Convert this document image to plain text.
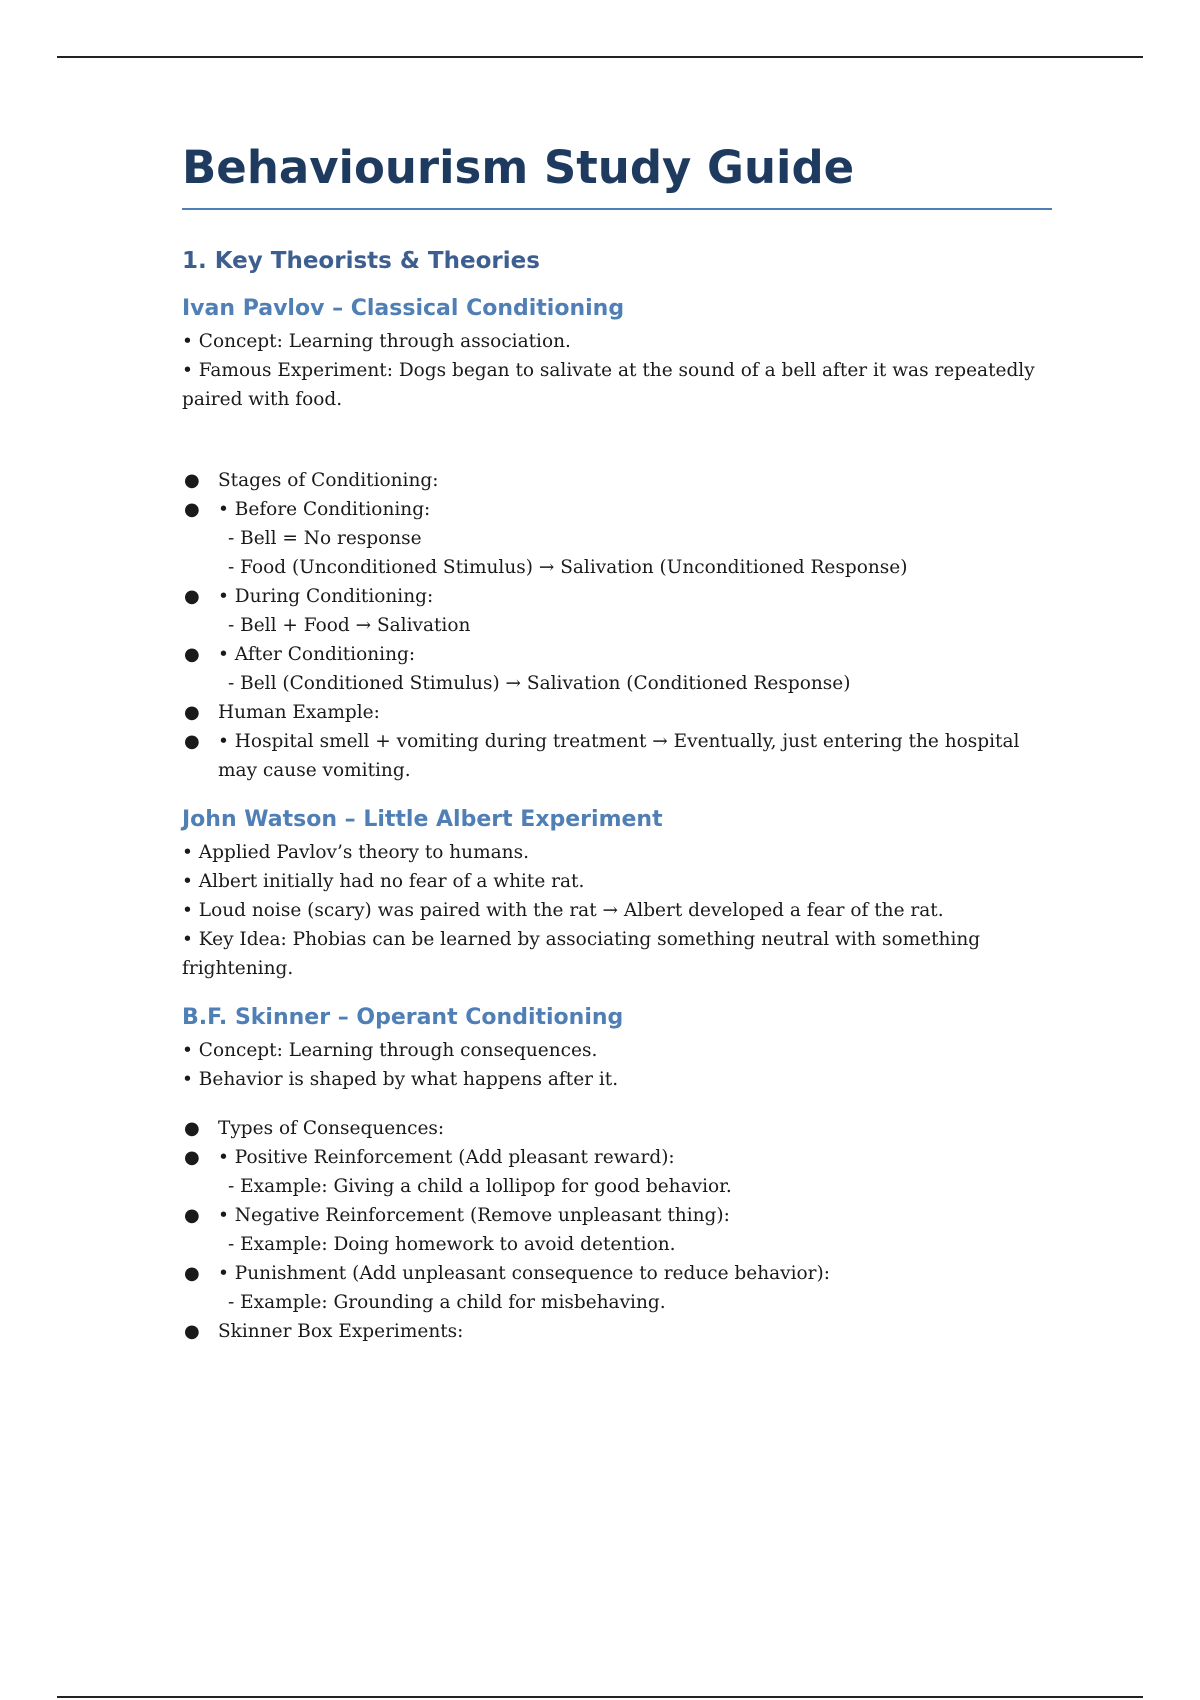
Behaviourism Study Guide
1. Key Theorists & Theories
Ivan Pavlov – Classical Conditioning
• Concept: Learning through association.
• Famous Experiment: Dogs began to salivate at the sound of a bell after it was repeatedly paired with food.
● Stages of Conditioning:
● • Before Conditioning:
- Bell = No response
- Food (Unconditioned Stimulus) → Salivation (Unconditioned Response)
● • During Conditioning:
- Bell + Food → Salivation
● • After Conditioning:
- Bell (Conditioned Stimulus) → Salivation (Conditioned Response)
● Human Example:
● • Hospital smell + vomiting during treatment → Eventually, just entering the hospital may cause vomiting.
John Watson – Little Albert Experiment
• Applied Pavlov’s theory to humans.
• Albert initially had no fear of a white rat.
• Loud noise (scary) was paired with the rat → Albert developed a fear of the rat.
• Key Idea: Phobias can be learned by associating something neutral with something frightening.
B.F. Skinner – Operant Conditioning
• Concept: Learning through consequences.
• Behavior is shaped by what happens after it.
● Types of Consequences:
● • Positive Reinforcement (Add pleasant reward):
- Example: Giving a child a lollipop for good behavior.
● • Negative Reinforcement (Remove unpleasant thing):
- Example: Doing homework to avoid detention.
● • Punishment (Add unpleasant consequence to reduce behavior):
- Example: Grounding a child for misbehaving.
● Skinner Box Experiments:
